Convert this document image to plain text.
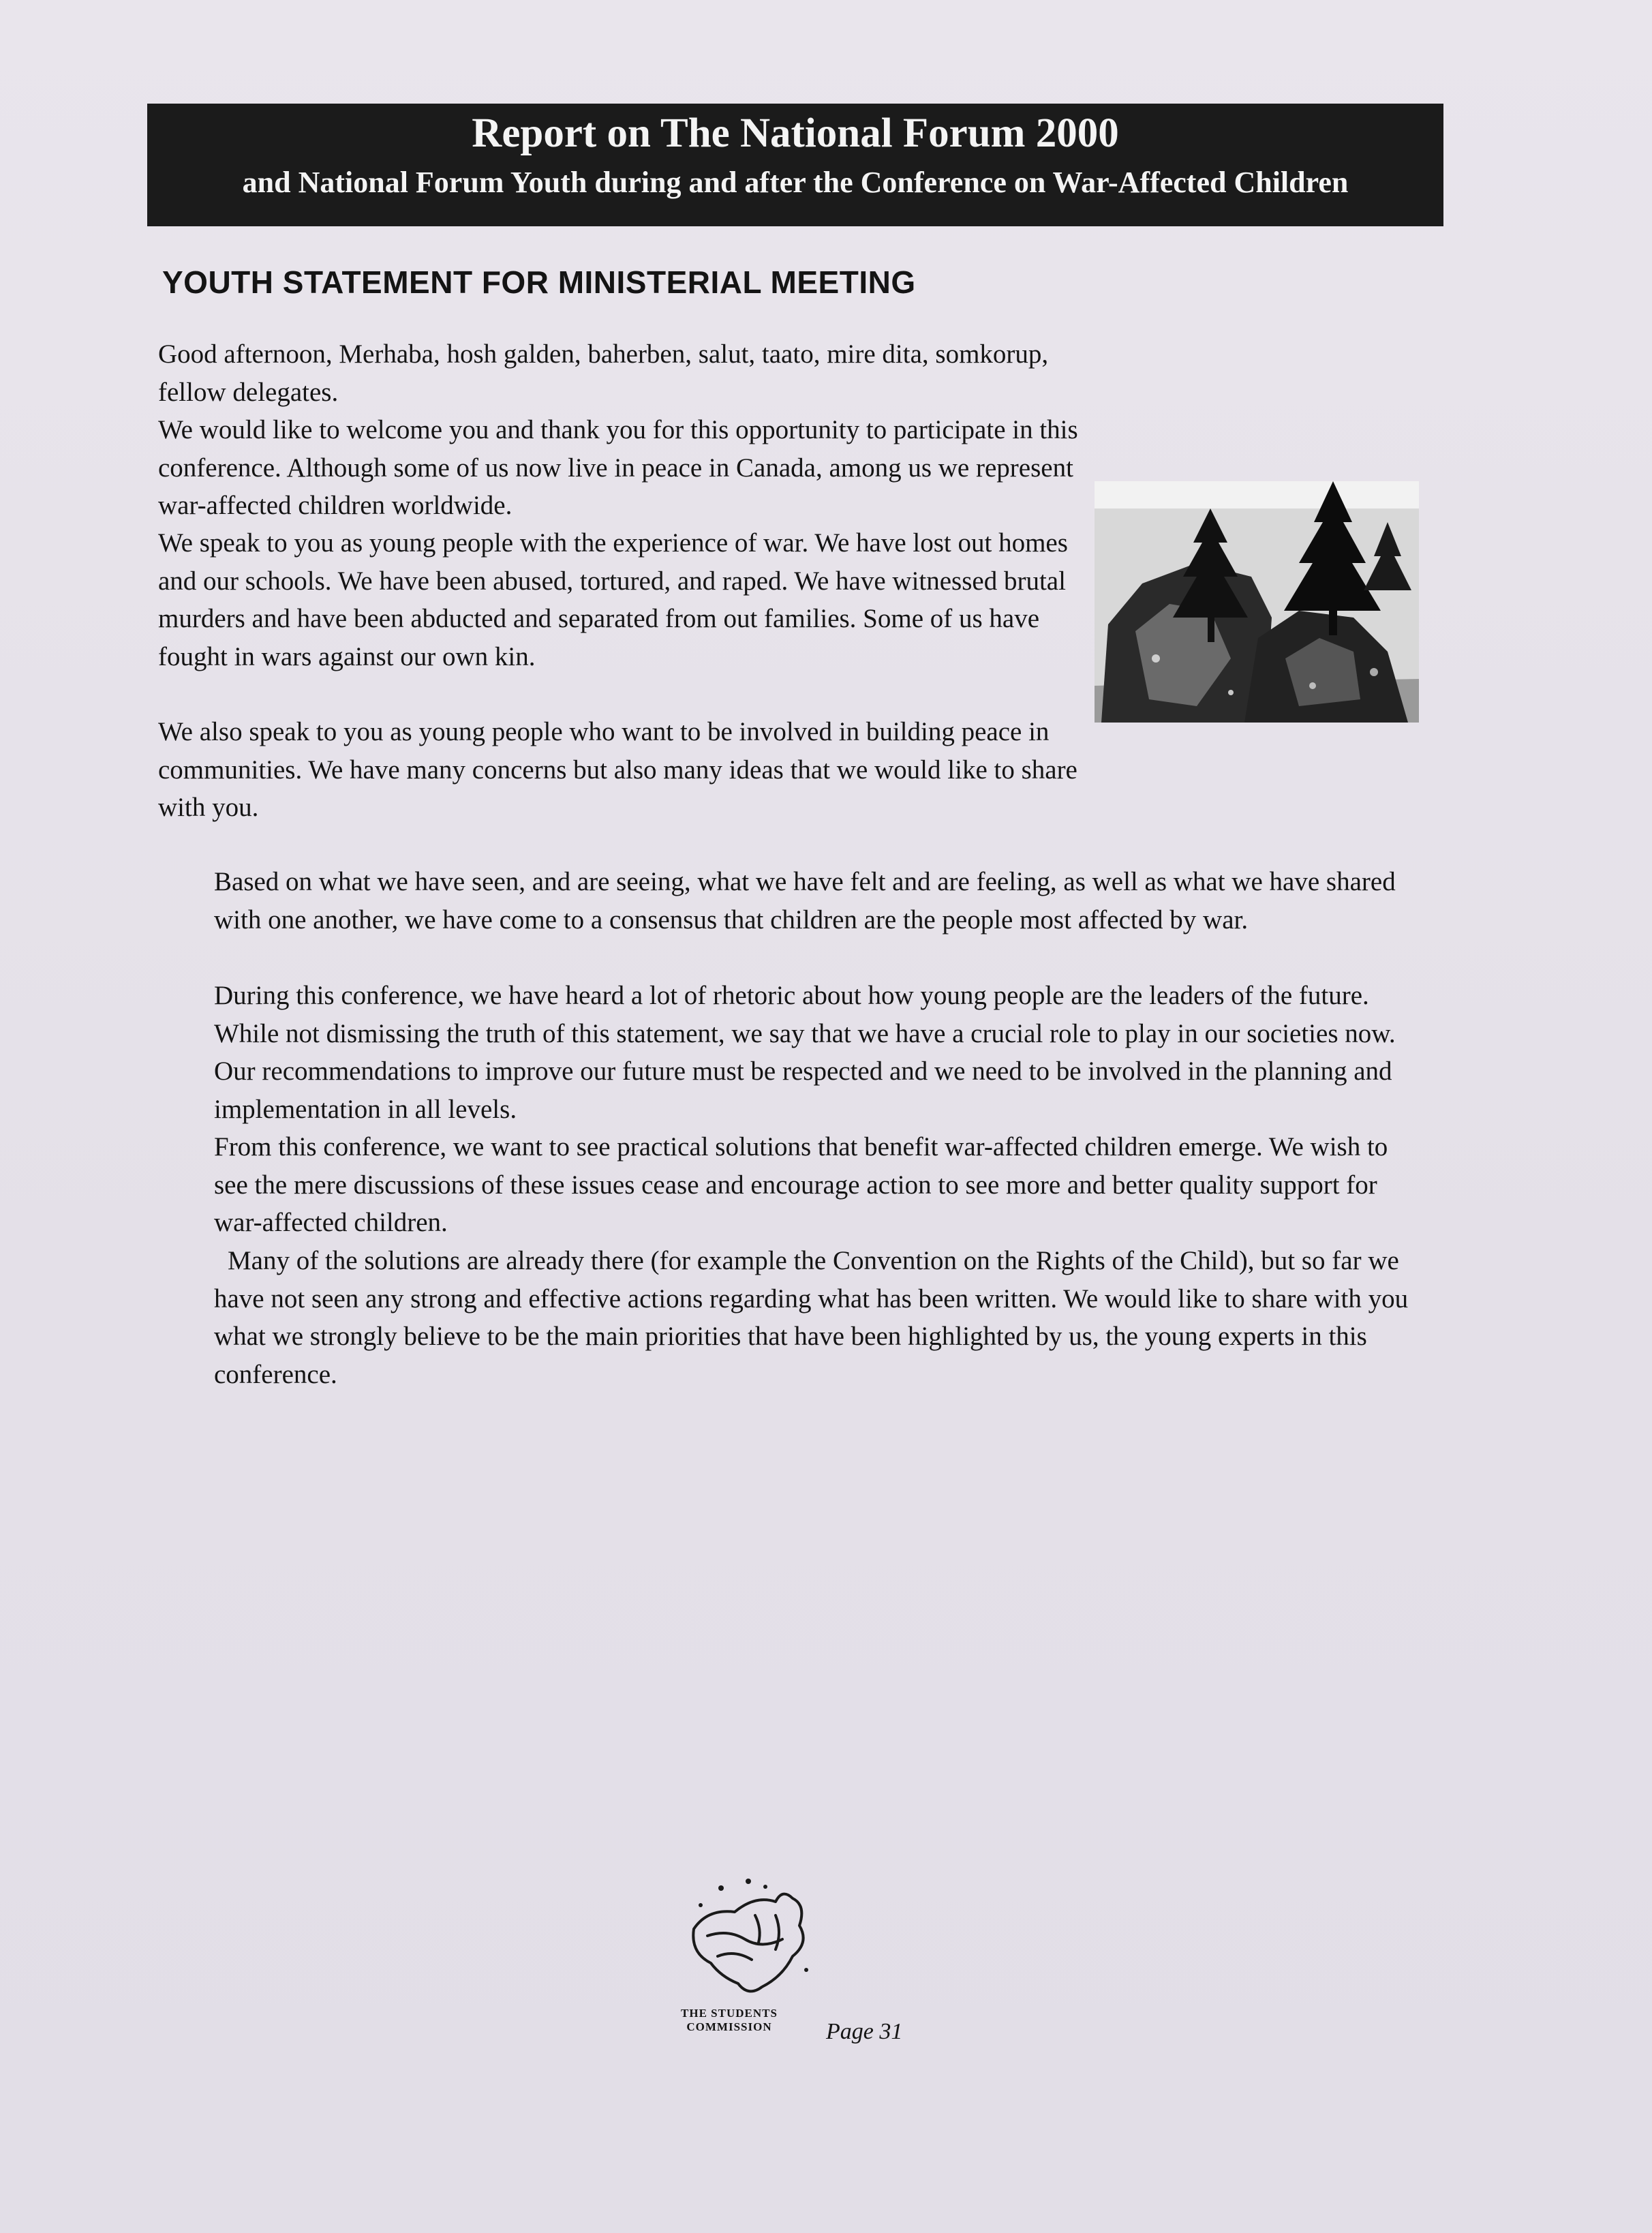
Report on The National Forum 2000
and National Forum Youth during and after the Conference on War-Affected Children
YOUTH STATEMENT FOR MINISTERIAL MEETING

Good afternoon, Merhaba, hosh galden, baherben, salut, taato, mire dita, somkorup, fellow delegates.

We would like to welcome you and thank you for this opportunity to participate in this conference. Although some of us now live in peace in Canada, among us we represent war-affected children worldwide.

We speak to you as young people with the experience of war. We have lost out homes and our schools. We have been abused, tortured, and raped. We have witnessed brutal murders and have been abducted and separated from out families. Some of us have fought in wars against our own kin.

We also speak to you as young people who want to be involved in building peace in communities. We have many concerns but also many ideas that we would like to share with you.

Based on what we have seen, and are seeing, what we have felt and are feeling, as well as what we have shared with one another, we have come to a consensus that children are the people most affected by war.

During this conference, we have heard a lot of rhetoric about how young people are the leaders of the future. While not dismissing the truth of this statement, we say that we have a crucial role to play in our societies now. Our recommendations to improve our future must be respected and we need to be involved in the planning and implementation in all levels.

From this conference, we want to see practical solutions that benefit war-affected children emerge. We wish to see the mere discussions of these issues cease and encourage action to see more and better quality support for war-affected children.

Many of the solutions are already there (for example the Convention on the Rights of the Child), but so far we have not seen any strong and effective actions regarding what has been written. We would like to share with you what we strongly believe to be the main priorities that have been highlighted by us, the young experts in this conference.

THE STUDENTS
COMMISSION	Page 31
